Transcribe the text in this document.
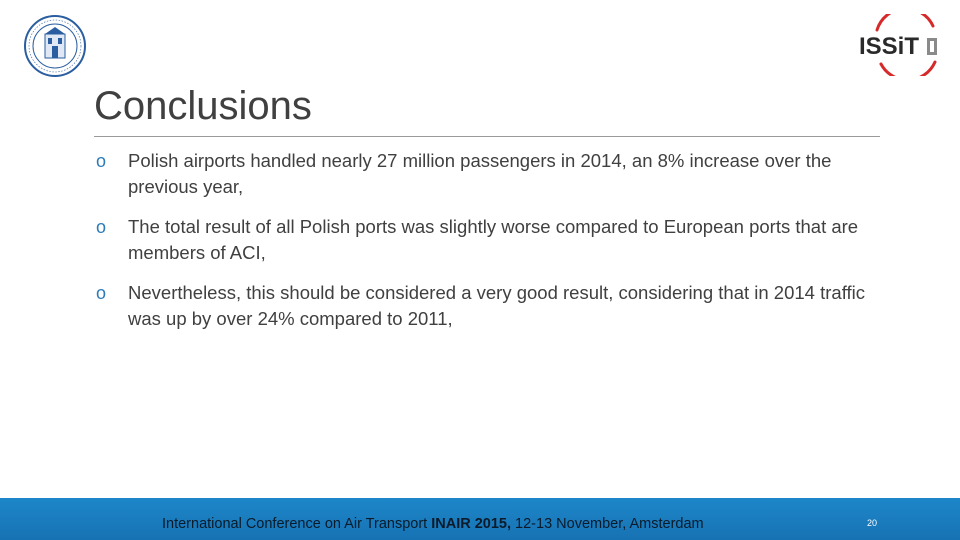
ISSiT
Conclusions
o Polish airports handled nearly 27 million passengers in 2014, an 8% increase over the previous year,
o The total result of all Polish ports was slightly worse compared to European ports that are members of ACI,
o Nevertheless, this should be considered a very good result, considering that in 2014 traffic was up by over 24% compared to 2011,
International Conference on Air Transport INAIR 2015, 12-13 November, Amsterdam	20
